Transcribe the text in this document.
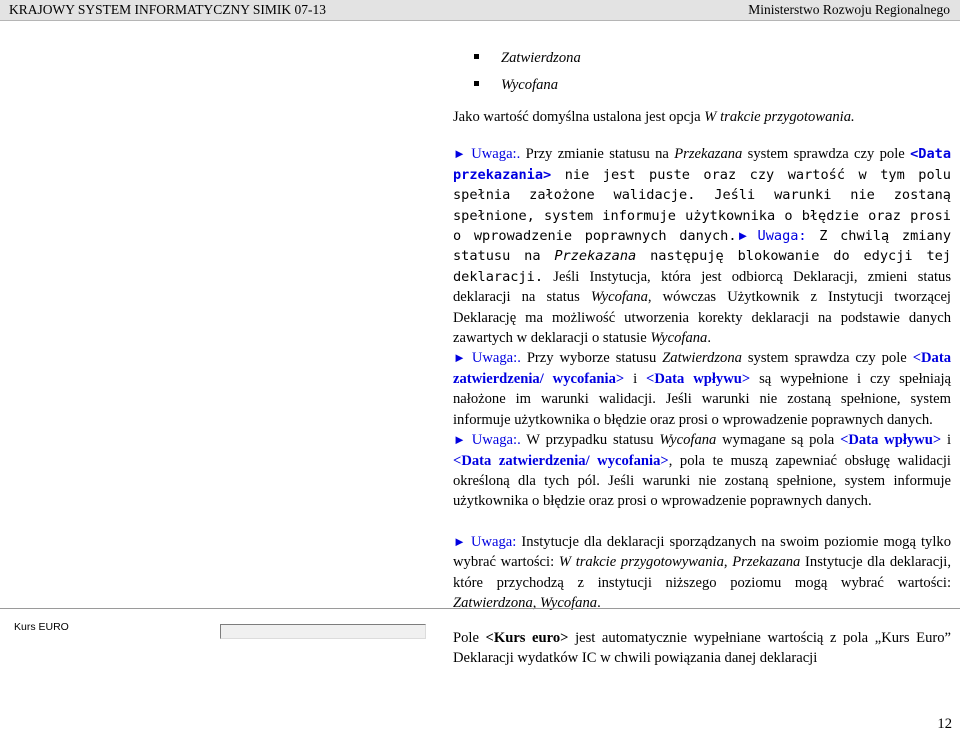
KRAJOWY SYSTEM INFORMATYCZNY SIMIK 07-13	Ministerstwo Rozwoju Regionalnego
Zatwierdzona
Wycofana

Jako wartość domyślna ustalona jest opcja W trakcie przygotowania.

► Uwaga:. Przy zmianie statusu na Przekazana system sprawdza czy pole <Data przekazania> nie jest puste oraz czy wartość w tym polu spełnia założone walidacje. Jeśli warunki nie zostaną spełnione, system informuje użytkownika o błędzie oraz prosi o wprowadzenie poprawnych danych.► Uwaga: Z chwilą zmiany statusu na Przekazana następuję blokowanie do edycji tej deklaracji. Jeśli Instytucja, która jest odbiorcą Deklaracji, zmieni status deklaracji na status Wycofana, wówczas Użytkownik z Instytucji tworzącej Deklarację ma możliwość utworzenia korekty deklaracji na podstawie danych zawartych w deklaracji o statusie Wycofana.
► Uwaga:. Przy wyborze statusu Zatwierdzona system sprawdza czy pole <Data zatwierdzenia/ wycofania> i <Data wpływu> są wypełnione i czy spełniają nałożone im warunki walidacji. Jeśli warunki nie zostaną spełnione, system informuje użytkownika o błędzie oraz prosi o wprowadzenie poprawnych danych.
► Uwaga:. W przypadku statusu Wycofana wymagane są pola <Data wpływu> i <Data zatwierdzenia/ wycofania>, pola te muszą zapewniać obsługę walidacji określoną dla tych pól. Jeśli warunki nie zostaną spełnione, system informuje użytkownika o błędzie oraz prosi o wprowadzenie poprawnych danych.

► Uwaga: Instytucje dla deklaracji sporządzanych na swoim poziomie mogą tylko wybrać wartości: W trakcie przygotowywania, Przekazana Instytucje dla deklaracji, które przychodzą z instytucji niższego poziomu mogą wybrać wartości: Zatwierdzona, Wycofana.

Kurs EURO

Pole <Kurs euro> jest automatycznie wypełniane wartością z pola „Kurs Euro” Deklaracji wydatków IC w chwili powiązania danej deklaracji

12
